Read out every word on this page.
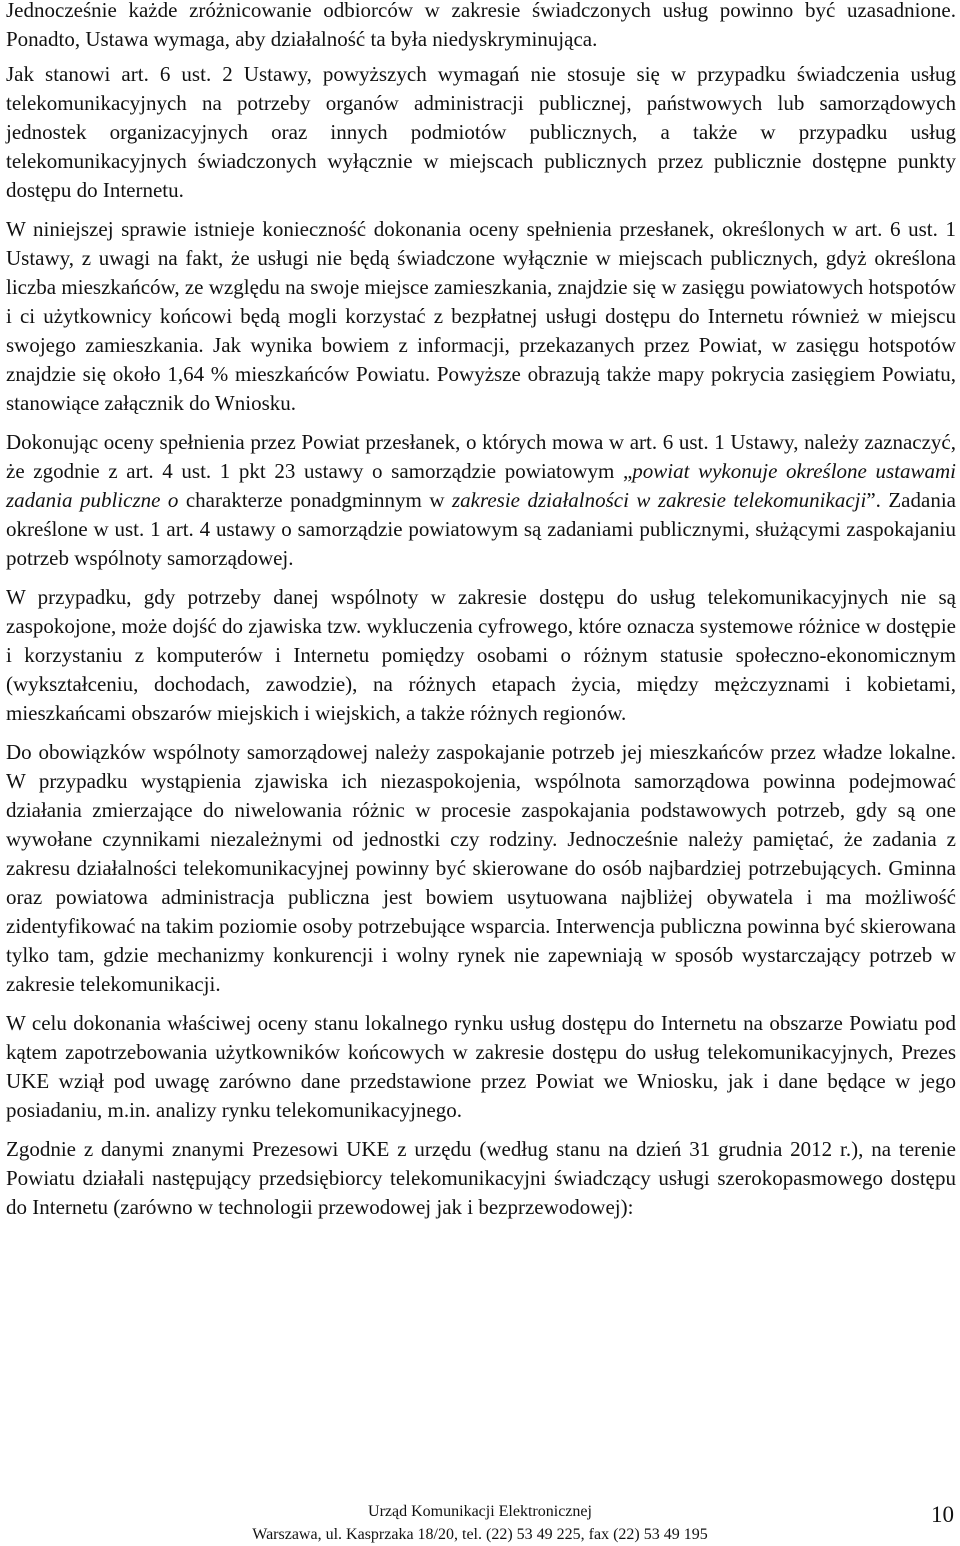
Jednocześnie każde zróżnicowanie odbiorców w zakresie świadczonych usług powinno być uzasadnione. Ponadto, Ustawa wymaga, aby działalność ta była niedyskryminująca.

Jak stanowi art. 6 ust. 2 Ustawy, powyższych wymagań nie stosuje się w przypadku świadczenia usług telekomunikacyjnych na potrzeby organów administracji publicznej, państwowych lub samorządowych jednostek organizacyjnych oraz innych podmiotów publicznych, a także w przypadku usług telekomunikacyjnych świadczonych wyłącznie w miejscach publicznych przez publicznie dostępne punkty dostępu do Internetu.

W niniejszej sprawie istnieje konieczność dokonania oceny spełnienia przesłanek, określonych w art. 6 ust. 1 Ustawy, z uwagi na fakt, że usługi nie będą świadczone wyłącznie w miejscach publicznych, gdyż określona liczba mieszkańców, ze względu na swoje miejsce zamieszkania, znajdzie się w zasięgu powiatowych hotspotów i ci użytkownicy końcowi będą mogli korzystać z bezpłatnej usługi dostępu do Internetu również w miejscu swojego zamieszkania. Jak wynika bowiem z informacji, przekazanych przez Powiat, w zasięgu hotspotów znajdzie się około 1,64 % mieszkańców Powiatu. Powyższe obrazują także mapy pokrycia zasięgiem Powiatu, stanowiące załącznik do Wniosku.

Dokonując oceny spełnienia przez Powiat przesłanek, o których mowa w art. 6 ust. 1 Ustawy, należy zaznaczyć, że zgodnie z art. 4 ust. 1 pkt 23 ustawy o samorządzie powiatowym „powiat wykonuje określone ustawami zadania publiczne o charakterze ponadgminnym w zakresie działalności w zakresie telekomunikacji”. Zadania określone w ust. 1 art. 4 ustawy o samorządzie powiatowym są zadaniami publicznymi, służącymi zaspokajaniu potrzeb wspólnoty samorządowej.

W przypadku, gdy potrzeby danej wspólnoty w zakresie dostępu do usług telekomunikacyjnych nie są zaspokojone, może dojść do zjawiska tzw. wykluczenia cyfrowego, które oznacza systemowe różnice w dostępie i korzystaniu z komputerów i Internetu pomiędzy osobami o różnym statusie społeczno-ekonomicznym (wykształceniu, dochodach, zawodzie), na różnych etapach życia, między mężczyznami i kobietami, mieszkańcami obszarów miejskich i wiejskich, a także różnych regionów.

Do obowiązków wspólnoty samorządowej należy zaspokajanie potrzeb jej mieszkańców przez władze lokalne. W przypadku wystąpienia zjawiska ich niezaspokojenia, wspólnota samorządowa powinna podejmować działania zmierzające do niwelowania różnic w procesie zaspokajania podstawowych potrzeb, gdy są one wywołane czynnikami niezależnymi od jednostki czy rodziny. Jednocześnie należy pamiętać, że zadania z zakresu działalności telekomunikacyjnej powinny być skierowane do osób najbardziej potrzebujących. Gminna oraz powiatowa administracja publiczna jest bowiem usytuowana najbliżej obywatela i ma możliwość zidentyfikować na takim poziomie osoby potrzebujące wsparcia. Interwencja publiczna powinna być skierowana tylko tam, gdzie mechanizmy konkurencji i wolny rynek nie zapewniają w sposób wystarczający potrzeb w zakresie telekomunikacji.

W celu dokonania właściwej oceny stanu lokalnego rynku usług dostępu do Internetu na obszarze Powiatu pod kątem zapotrzebowania użytkowników końcowych w zakresie dostępu do usług telekomunikacyjnych, Prezes UKE wziął pod uwagę zarówno dane przedstawione przez Powiat we Wniosku, jak i dane będące w jego posiadaniu, m.in. analizy rynku telekomunikacyjnego.

Zgodnie z danymi znanymi Prezesowi UKE z urzędu (według stanu na dzień 31 grudnia 2012 r.), na terenie Powiatu działali następujący przedsiębiorcy telekomunikacyjni świadczący usługi szerokopasmowego dostępu do Internetu (zarówno w technologii przewodowej jak i bezprzewodowej):

Urząd Komunikacji Elektronicznej
Warszawa, ul. Kasprzaka 18/20, tel. (22) 53 49 225, fax (22) 53 49 195
10
